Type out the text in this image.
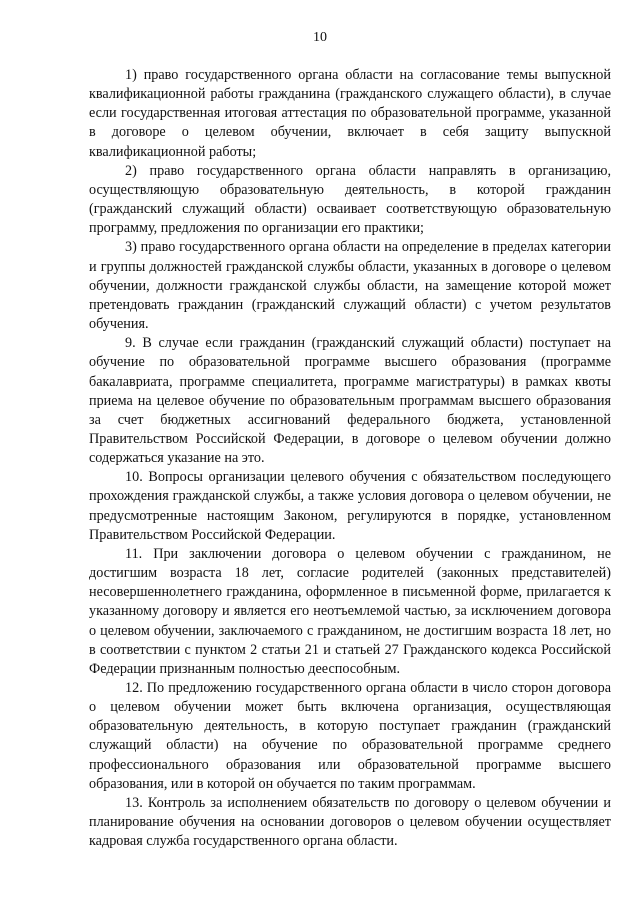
10

1) право государственного органа области на согласование темы выпускной квалификационной работы гражданина (гражданского служащего области), в случае если государственная итоговая аттестация по образовательной программе, указанной в договоре о целевом обучении, включает в себя защиту выпускной квалификационной работы;

2) право государственного органа области направлять в организацию, осуществляющую образовательную деятельность, в которой гражданин (гражданский служащий области) осваивает соответствующую образовательную программу, предложения по организации его практики;

3) право государственного органа области на определение в пределах категории и группы должностей гражданской службы области, указанных в договоре о целевом обучении, должности гражданской службы области, на замещение которой может претендовать гражданин (гражданский служащий области) с учетом результатов обучения.

9. В случае если гражданин (гражданский служащий области) поступает на обучение по образовательной программе высшего образования (программе бакалавриата, программе специалитета, программе магистратуры) в рамках квоты приема на целевое обучение по образовательным программам высшего образования за счет бюджетных ассигнований федерального бюджета, установленной Правительством Российской Федерации, в договоре о целевом обучении должно содержаться указание на это.

10. Вопросы организации целевого обучения с обязательством последующего прохождения гражданской службы, а также условия договора о целевом обучении, не предусмотренные настоящим Законом, регулируются в порядке, установленном Правительством Российской Федерации.

11. При заключении договора о целевом обучении с гражданином, не достигшим возраста 18 лет, согласие родителей (законных представителей) несовершеннолетнего гражданина, оформленное в письменной форме, прилагается к указанному договору и является его неотъемлемой частью, за исключением договора о целевом обучении, заключаемого с гражданином, не достигшим возраста 18 лет, но в соответствии с пунктом 2 статьи 21 и статьей 27 Гражданского кодекса Российской Федерации признанным полностью дееспособным.

12. По предложению государственного органа области в число сторон договора о целевом обучении может быть включена организация, осуществляющая образовательную деятельность, в которую поступает гражданин (гражданский служащий области) на обучение по образовательной программе среднего профессионального образования или образовательной программе высшего образования, или в которой он обучается по таким программам.

13. Контроль за исполнением обязательств по договору о целевом обучении и планирование обучения на основании договоров о целевом обучении осуществляет кадровая служба государственного органа области.
